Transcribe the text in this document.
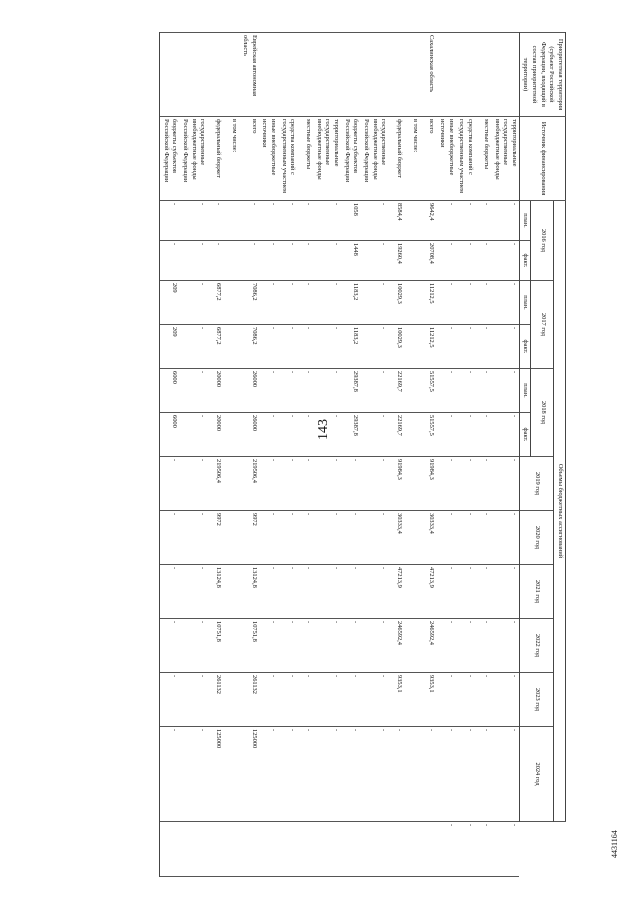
143
4431164
Приоритетная территория (субъект Российской Федерации, входящий в состав приоритетной территории)	Источник финансирования	Объемы бюджетных ассигнований												
		2016 год		2017 год		2018 год		2019 год	2020 год	2021 год	2022 год	2023 год	2024 год	
		план.	факт.	план.	факт.	план.	факт.							
	территориальные государственные внебюджетные фонды	-	-	-	-	-	-	-	-	-	-	-	-	-
	местные бюджеты	-	-	-	-	-	-	-	-	-	-	-	-	-
	средства компаний с государственным участием	-	-	-	-	-	-	-	-	-	-	-	-	-
	иные внебюджетные источники	-	-	-	-	-	-	-	-	-	-	-	-	-
Сахалинская область	всего	9642,4	20708,4	11212,5	11212,5	51557,5	51557,5	91984,3	30333,4	47213,9	246592,4	9353,1	-	
	в том числе:													
	федеральный бюджет	8584,4	19260,4	10029,3	10029,3	22169,7	22169,7	91984,3	30333,4	47213,9	246592,4	9353,1	-	
	государственные внебюджетные фонды Российской Федерации	-	-	-	-	-	-	-	-	-	-	-	-	
	бюджеты субъектов Российской Федерации	1058	1448	1183,2	1183,2	29387,8	29387,8	-	-	-	-	-	-	
	территориальные государственные внебюджетные фонды	-	-	-	-	-	-	-	-	-	-	-	-	
	местные бюджеты	-	-	-	-	-	-	-	-	-	-	-	-	
	средства компаний с государственным участием	-	-	-	-	-	-	-	-	-	-	-	-	
	иные внебюджетные источники	-	-	-	-	-	-	-	-	-	-	-	-	
Еврейская автономная область	всего	-	-	7086,2	7086,2	26000	26000	219506,4	9972	13124,8	10751,8	261132	125000	
	в том числе:													
	федеральный бюджет	-	-	6877,2	6877,2	20000	20000	219506,4	9972	13124,8	10751,8	261132	125000	
	государственные внебюджетные фонды Российской Федерации	-	-	-	-	-	-	-	-	-	-	-	-	
	бюджеты субъектов Российской Федерации	-	-	209	209	6000	6000	-	-	-	-	-	-	
